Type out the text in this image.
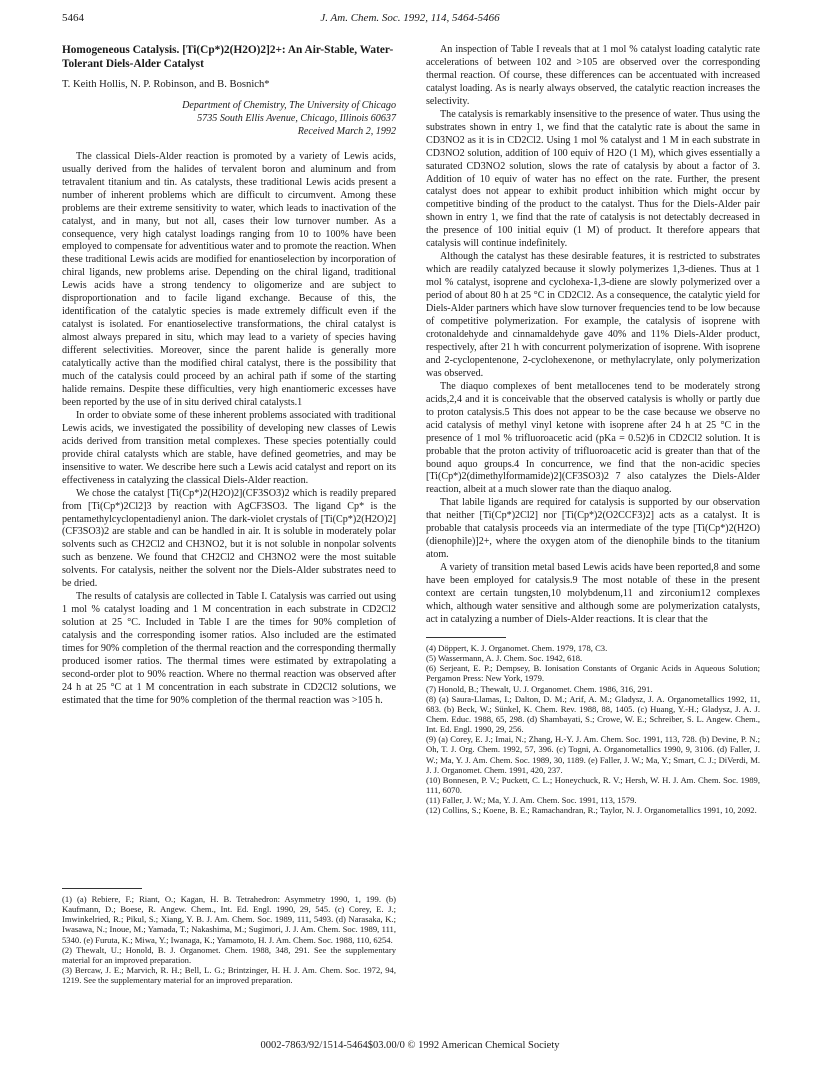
5464	J. Am. Chem. Soc. 1992, 114, 5464-5466

Homogeneous Catalysis. [Ti(Cp*)2(H2O)2]2+: An Air-Stable, Water-Tolerant Diels-Alder Catalyst

T. Keith Hollis, N. P. Robinson, and B. Bosnich*

Department of Chemistry, The University of Chicago

5735 South Ellis Avenue, Chicago, Illinois 60637

Received March 2, 1992

The classical Diels-Alder reaction is promoted by a variety of Lewis acids, usually derived from the halides of tervalent boron and aluminum and from tetravalent titanium and tin. As catalysts, these traditional Lewis acids present a number of inherent problems which are difficult to circumvent. Among these problems are their extreme sensitivity to water, which leads to inactivation of the catalyst, and in many, but not all, cases their low turnover number. As a consequence, very high catalyst loadings ranging from 10 to 100% have been employed to compensate for adventitious water and to promote the reaction. When these traditional Lewis acids are modified for enantioselection by incorporation of chiral ligands, new problems arise. Depending on the chiral ligand, traditional Lewis acids have a strong tendency to oligomerize and are subject to disproportionation and to facile ligand exchange. Because of this, the identification of the catalytic species is made extremely difficult even if the catalyst is isolated. For enantioselective transformations, the chiral catalyst is almost always prepared in situ, which may lead to a variety of species having different selectivities. Moreover, since the parent halide is generally more catalytically active than the modified chiral catalyst, there is the possibility that much of the catalysis could proceed by an achiral path if some of the starting halide remains. Despite these difficulties, very high enantiomeric excesses have been reported by the use of in situ derived chiral catalysts.1

In order to obviate some of these inherent problems associated with traditional Lewis acids, we investigated the possibility of developing new classes of Lewis acids derived from transition metal complexes. These species potentially could provide chiral catalysts which are stable, have defined geometries, and may be insensitive to water. We describe here such a Lewis acid catalyst and report on its effectiveness in catalyzing the classical Diels-Alder reaction.

We chose the catalyst [Ti(Cp*)2(H2O)2](CF3SO3)2 which is readily prepared from [Ti(Cp*)2Cl2]3 by reaction with AgCF3SO3. The ligand Cp* is the pentamethylcyclopentadienyl anion. The dark-violet crystals of [Ti(Cp*)2(H2O)2](CF3SO3)2 are stable and can be handled in air. It is soluble in moderately polar solvents such as CH2Cl2 and CH3NO2, but it is not soluble in nonpolar solvents such as benzene. We found that CH2Cl2 and CH3NO2 were the most suitable solvents. For catalysis, neither the solvent nor the Diels-Alder substrates need to be dried.

The results of catalysis are collected in Table I. Catalysis was carried out using 1 mol % catalyst loading and 1 M concentration in each substrate in CD2Cl2 solution at 25 °C. Included in Table I are the times for 90% completion of catalysis and the corresponding isomer ratios. Also included are the estimated times for 90% completion of the thermal reaction and the corresponding thermally produced isomer ratios. The thermal times were estimated by extrapolating a second-order plot to 90% reaction. Where no thermal reaction was observed after 24 h at 25 °C at 1 M concentration in each substrate in CD2Cl2 solutions, we estimated that the time for 90% completion of the thermal reaction was >105 h.

(1) (a) Rebiere, F.; Riant, O.; Kagan, H. B. Tetrahedron: Asymmetry 1990, 1, 199. (b) Kaufmann, D.; Boese, R. Angew. Chem., Int. Ed. Engl. 1990, 29, 545. (c) Corey, E. J.; Imwinkelried, R.; Pikul, S.; Xiang, Y. B. J. Am. Chem. Soc. 1989, 111, 5493. (d) Narasaka, K.; Iwasawa, N.; Inoue, M.; Yamada, T.; Nakashima, M.; Sugimori, J. J. Am. Chem. Soc. 1989, 111, 5340. (e) Furuta, K.; Miwa, Y.; Iwanaga, K.; Yamamoto, H. J. Am. Chem. Soc. 1988, 110, 6254.

(2) Thewalt, U.; Honold, B. J. Organomet. Chem. 1988, 348, 291. See the supplementary material for an improved preparation.

(3) Bercaw, J. E.; Marvich, R. H.; Bell, L. G.; Brintzinger, H. H. J. Am. Chem. Soc. 1972, 94, 1219. See the supplementary material for an improved preparation.

An inspection of Table I reveals that at 1 mol % catalyst loading catalytic rate accelerations of between 102 and >105 are observed over the corresponding thermal reaction. Of course, these differences can be accentuated with increased catalyst loading. As is nearly always observed, the catalytic reaction increases the selectivity.

The catalysis is remarkably insensitive to the presence of water. Thus using the substrates shown in entry 1, we find that the catalytic rate is about the same in CD3NO2 as it is in CD2Cl2. Using 1 mol % catalyst and 1 M in each substrate in CD3NO2 solution, addition of 100 equiv of H2O (1 M), which gives essentially a saturated CD3NO2 solution, slows the rate of catalysis by about a factor of 3. Addition of 10 equiv of water has no effect on the rate. Further, the present catalyst does not appear to exhibit product inhibition which might occur by competitive binding of the product to the catalyst. Thus for the Diels-Alder pair shown in entry 1, we find that the rate of catalysis is not detectably decreased in the presence of 100 initial equiv (1 M) of product. It therefore appears that catalysis will continue indefinitely.

Although the catalyst has these desirable features, it is restricted to substrates which are readily catalyzed because it slowly polymerizes 1,3-dienes. Thus at 1 mol % catalyst, isoprene and cyclohexa-1,3-diene are slowly polymerized over a period of about 80 h at 25 °C in CD2Cl2. As a consequence, the catalytic yield for Diels-Alder partners which have slow turnover frequencies tend to be low because of competitive polymerization. For example, the catalysis of isoprene with crotonaldehyde and cinnamaldehyde gave 40% and 11% Diels-Alder product, respectively, after 21 h with concurrent polymerization of isoprene. With isoprene and 2-cyclopentenone, 2-cyclohexenone, or methylacrylate, only polymerization was observed.

The diaquo complexes of bent metallocenes tend to be moderately strong acids,2,4 and it is conceivable that the observed catalysis is wholly or partly due to proton catalysis.5 This does not appear to be the case because we observe no acid catalysis of methyl vinyl ketone with isoprene after 24 h at 25 °C in the presence of 1 mol % trifluoroacetic acid (pKa = 0.52)6 in CD2Cl2 solution. It is probable that the proton activity of trifluoroacetic acid is greater than that of the bound aquo groups.4 In concurrence, we find that the non-acidic species [Ti(Cp*)2(dimethylformamide)2](CF3SO3)2 7 also catalyzes the Diels-Alder reaction, albeit at a much slower rate than the diaquo analog.

That labile ligands are required for catalysis is supported by our observation that neither [Ti(Cp*)2Cl2] nor [Ti(Cp*)2(O2CCF3)2] acts as a catalyst. It is probable that catalysis proceeds via an intermediate of the type [Ti(Cp*)2(H2O)(dienophile)]2+, where the oxygen atom of the dienophile binds to the titanium atom.

A variety of transition metal based Lewis acids have been reported,8 and some have been employed for catalysis.9 The most notable of these in the present context are certain tungsten,10 molybdenum,11 and zirconium12 complexes which, although water sensitive and although some are polymerization catalysts, act in catalyzing a number of Diels-Alder reactions. It is clear that the

(4) Döppert, K. J. Organomet. Chem. 1979, 178, C3.

(5) Wassermann, A. J. Chem. Soc. 1942, 618.

(6) Serjeant, E. P.; Dempsey, B. Ionisation Constants of Organic Acids in Aqueous Solution; Pergamon Press: New York, 1979.

(7) Honold, B.; Thewalt, U. J. Organomet. Chem. 1986, 316, 291.

(8) (a) Saura-Llamas, I.; Dalton, D. M.; Arif, A. M.; Gladysz, J. A. Organometallics 1992, 11, 683. (b) Beck, W.; Sünkel, K. Chem. Rev. 1988, 88, 1405. (c) Huang, Y.-H.; Gladysz, J. A. J. Chem. Educ. 1988, 65, 298. (d) Shambayati, S.; Crowe, W. E.; Schreiber, S. L. Angew. Chem., Int. Ed. Engl. 1990, 29, 256.

(9) (a) Corey, E. J.; Imai, N.; Zhang, H.-Y. J. Am. Chem. Soc. 1991, 113, 728. (b) Devine, P. N.; Oh, T. J. Org. Chem. 1992, 57, 396. (c) Togni, A. Organometallics 1990, 9, 3106. (d) Faller, J. W.; Ma, Y. J. Am. Chem. Soc. 1989, 30, 1189. (e) Faller, J. W.; Ma, Y.; Smart, C. J.; DiVerdi, M. J. J. Organomet. Chem. 1991, 420, 237.

(10) Bonnesen, P. V.; Puckett, C. L.; Honeychuck, R. V.; Hersh, W. H. J. Am. Chem. Soc. 1989, 111, 6070.

(11) Faller, J. W.; Ma, Y. J. Am. Chem. Soc. 1991, 113, 1579.

(12) Collins, S.; Koene, B. E.; Ramachandran, R.; Taylor, N. J. Organometallics 1991, 10, 2092.

0002-7863/92/1514-5464$03.00/0 © 1992 American Chemical Society
